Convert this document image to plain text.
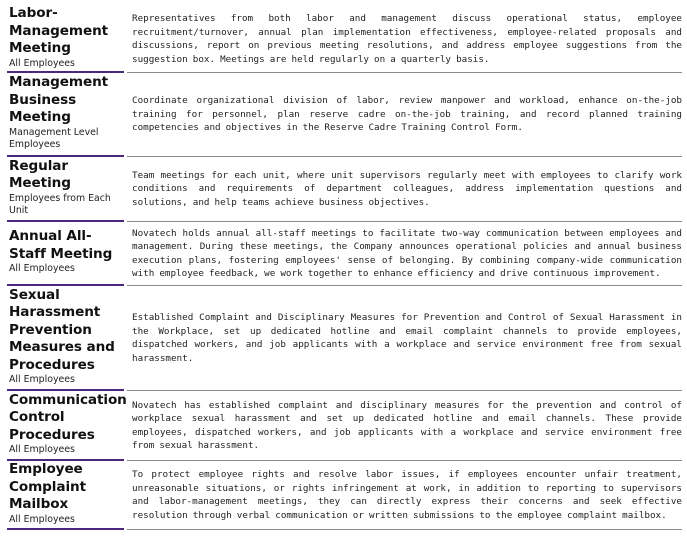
Labor-Management Meeting

All Employees

Representatives from both labor and management discuss operational status, employee recruitment/turnover, annual plan implementation effectiveness, employee-related proposals and discussions, report on previous meeting resolutions, and address employee suggestions from the suggestion box. Meetings are held regularly on a quarterly basis.

Management Business Meeting

Management Level Employees

Coordinate organizational division of labor, review manpower and workload, enhance on-the-job training for personnel, plan reserve cadre on-the-job training, and record planned training competencies and objectives in the Reserve Cadre Training Control Form.

Regular Meeting

Employees from Each Unit

Team meetings for each unit, where unit supervisors regularly meet with employees to clarify work conditions and requirements of department colleagues, address implementation questions and solutions, and help teams achieve business objectives.

Annual All-Staff Meeting

All Employees

Novatech holds annual all-staff meetings to facilitate two-way communication between employees and management. During these meetings, the Company announces operational policies and annual business execution plans, fostering employees' sense of belonging. By combining company-wide communication with employee feedback, we work together to enhance efficiency and drive continuous improvement.

Sexual Harassment Prevention Measures and Procedures

All Employees

Established Complaint and Disciplinary Measures for Prevention and Control of Sexual Harassment in the Workplace, set up dedicated hotline and email complaint channels to provide employees, dispatched workers, and job applicants with a workplace and service environment free from sexual harassment.

Communication Control Procedures

All Employees

Novatech has established complaint and disciplinary measures for the prevention and control of workplace sexual harassment and set up dedicated hotline and email channels. These provide employees, dispatched workers, and job applicants with a workplace and service environment free from sexual harassment.

Employee Complaint Mailbox

All Employees

To protect employee rights and resolve labor issues, if employees encounter unfair treatment, unreasonable situations, or rights infringement at work, in addition to reporting to supervisors and labor-management meetings, they can directly express their concerns and seek effective resolution through verbal communication or written submissions to the employee complaint mailbox.
